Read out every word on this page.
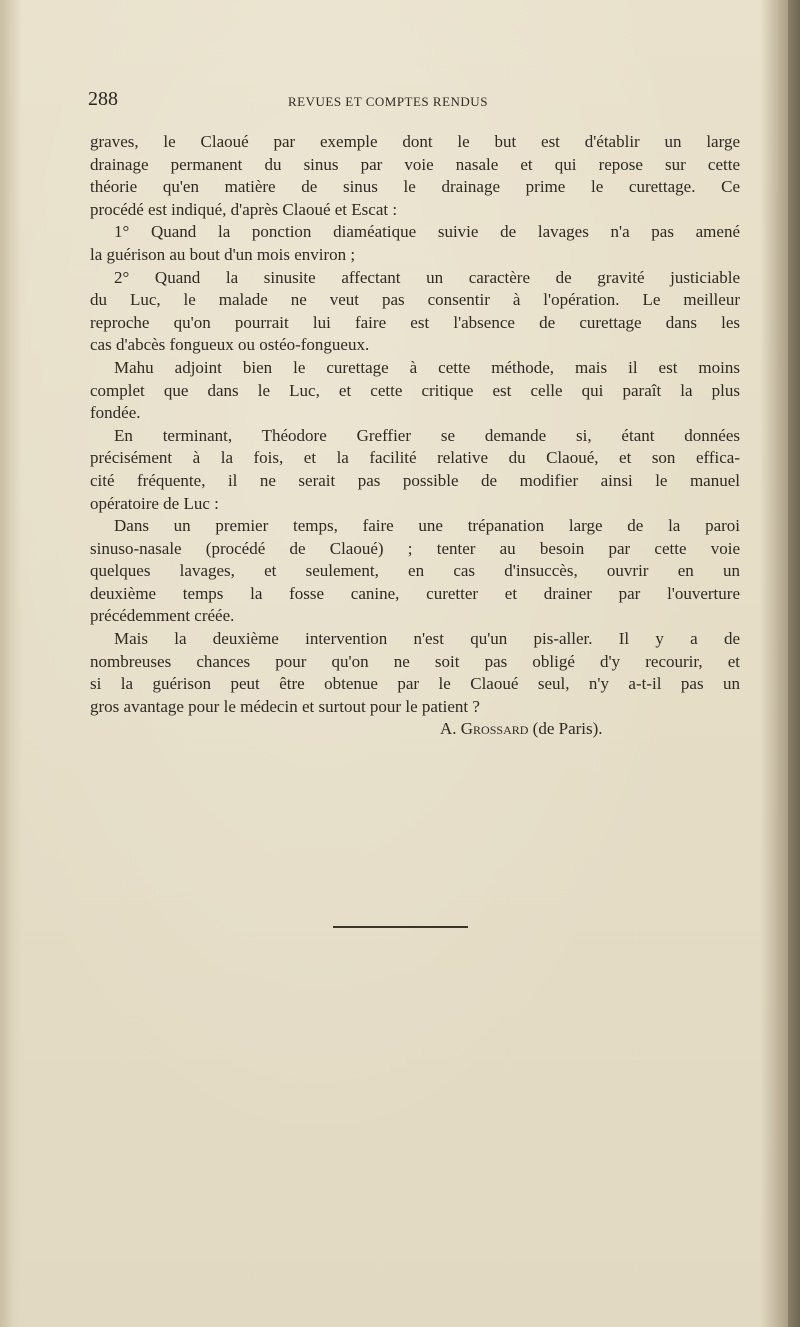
288	REVUES ET COMPTES RENDUS
graves, le Claoué par exemple dont le but est d'établir un large
drainage permanent du sinus par voie nasale et qui repose sur cette
théorie qu'en matière de sinus le drainage prime le curettage. Ce
procédé est indiqué, d'après Claoué et Escat :
1° Quand la ponction diaméatique suivie de lavages n'a pas amené
la guérison au bout d'un mois environ ;
2° Quand la sinusite affectant un caractère de gravité justiciable
du Luc, le malade ne veut pas consentir à l'opération. Le meilleur
reproche qu'on pourrait lui faire est l'absence de curettage dans les
cas d'abcès fongueux ou ostéo-fongueux.
Mahu adjoint bien le curettage à cette méthode, mais il est moins
complet que dans le Luc, et cette critique est celle qui paraît la plus
fondée.
En terminant, Théodore Greffier se demande si, étant données
précisément à la fois, et la facilité relative du Claoué, et son effica-
cité fréquente, il ne serait pas possible de modifier ainsi le manuel
opératoire de Luc :
Dans un premier temps, faire une trépanation large de la paroi
sinuso-nasale (procédé de Claoué) ; tenter au besoin par cette voie
quelques lavages, et seulement, en cas d'insuccès, ouvrir en un
deuxième temps la fosse canine, curetter et drainer par l'ouverture
précédemment créée.
Mais la deuxième intervention n'est qu'un pis-aller. Il y a de
nombreuses chances pour qu'on ne soit pas obligé d'y recourir, et
si la guérison peut être obtenue par le Claoué seul, n'y a-t-il pas un
gros avantage pour le médecin et surtout pour le patient ?
A. Grossard (de Paris).
